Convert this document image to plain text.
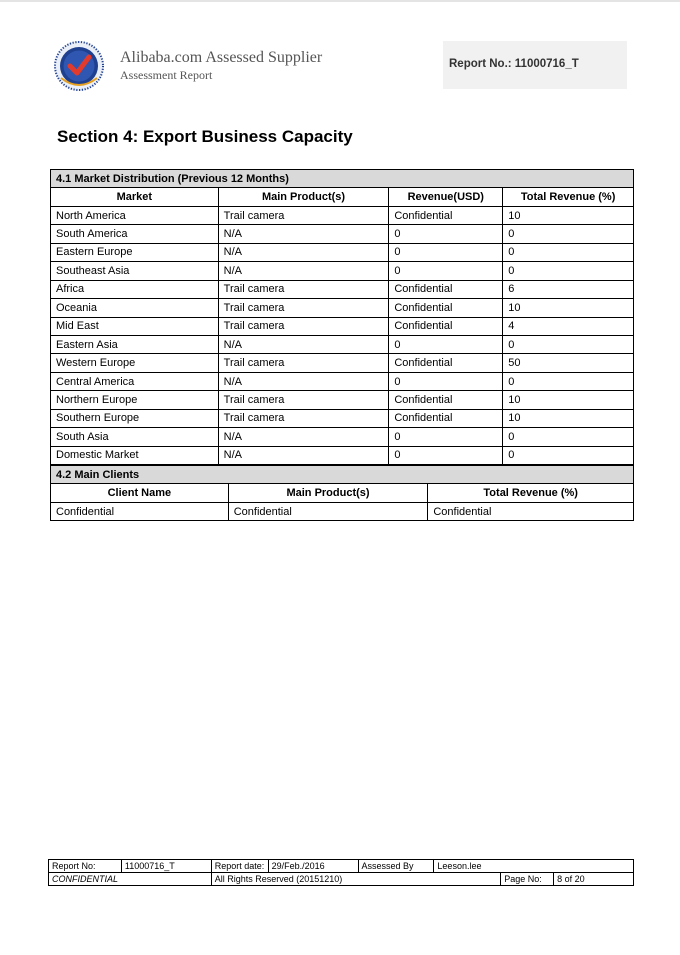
Alibaba.com Assessed Supplier
Assessment Report
Report No.: 11000716_T
Section 4: Export Business Capacity
4.1 Market Distribution (Previous 12 Months)			
Market	Main Product(s)	Revenue(USD)	Total Revenue (%)
North America	Trail camera	Confidential	10
South America	N/A	0	0
Eastern Europe	N/A	0	0
Southeast Asia	N/A	0	0
Africa	Trail camera	Confidential	6
Oceania	Trail camera	Confidential	10
Mid East	Trail camera	Confidential	4
Eastern Asia	N/A	0	0
Western Europe	Trail camera	Confidential	50
Central America	N/A	0	0
Northern Europe	Trail camera	Confidential	10
Southern Europe	Trail camera	Confidential	10
South Asia	N/A	0	0
Domestic Market	N/A	0	0
4.2 Main Clients		
Client Name	Main Product(s)	Total Revenue (%)
Confidential	Confidential	Confidential
Report No:	11000716_T	Report date:	29/Feb./2016	Assessed By	Leeson.lee		
CONFIDENTIAL		All Rights Reserved (20151210)				Page No:	8 of 20
